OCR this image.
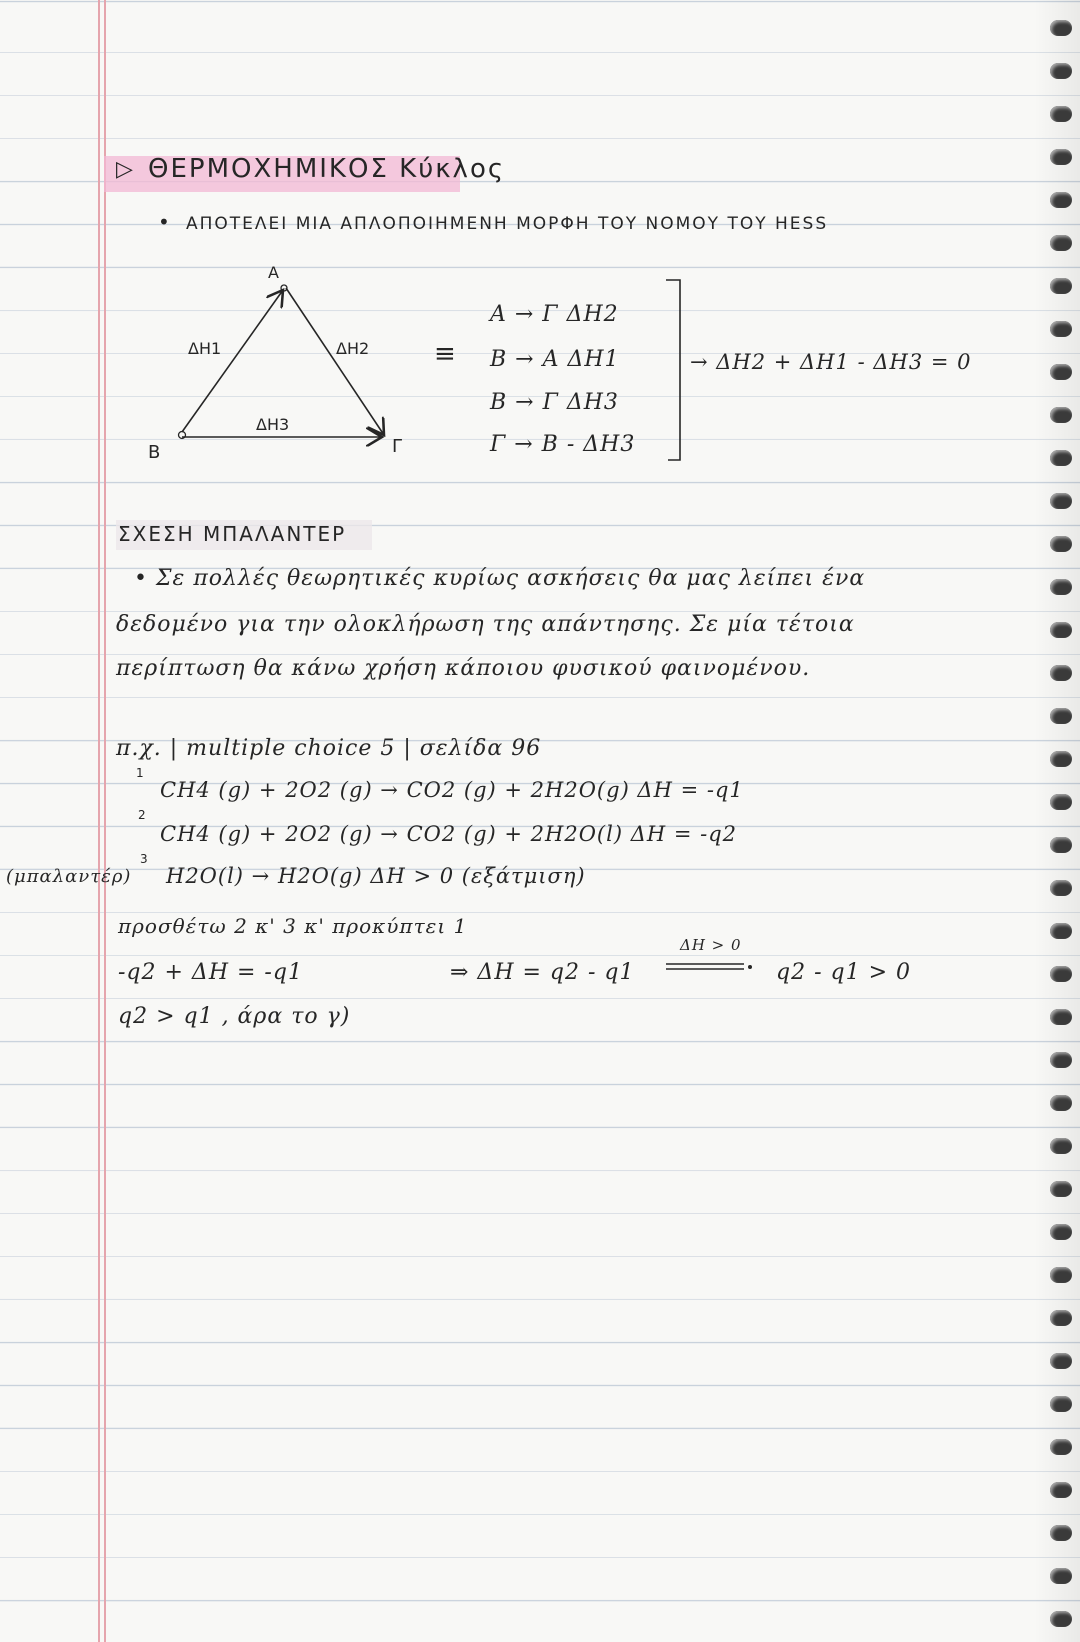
▷ ΘΕΡΜΟΧΗΜΙΚΟΣ Κύκλος
• ΑΠΟΤΕΛΕΙ ΜΙΑ ΑΠΛΟΠΟΙΗΜΕΝΗ ΜΟΡΦΗ ΤΟΥ ΝΟΜΟΥ ΤΟΥ HESS
A
B	Γ
ΔΗ1	ΔΗ2
ΔΗ3
≡
Α → Γ ΔΗ2
Β → Α ΔΗ1
Β → Γ ΔΗ3
Γ → Β - ΔΗ3
→ ΔΗ2 + ΔΗ1 - ΔΗ3 = 0
ΣΧΕΣΗ ΜΠΑΛΑΝΤΕΡ
• Σε πολλές θεωρητικές κυρίως ασκήσεις θα μας λείπει ένα
δεδομένο για την ολοκλήρωση της απάντησης. Σε μία τέτοια
περίπτωση θα κάνω χρήση κάποιου φυσικού φαινομένου.
π.χ. | multiple choice 5 | σελίδα 96
1
CH4 (g) + 2O2 (g) → CO2 (g) + 2H2O(g) ΔΗ = -q1
2
CH4 (g) + 2O2 (g) → CO2 (g) + 2H2O(l) ΔΗ = -q2
3
(μπαλαντέρ) H2O(l) → H2O(g) ΔΗ > 0 (εξάτμιση)
προσθέτω 2 κ' 3 κ' προκύπτει 1
-q2 + ΔΗ = -q1	⇒ ΔΗ = q2 - q1
ΔΗ > 0
q2 - q1 > 0
q2 > q1 , άρα το γ)
